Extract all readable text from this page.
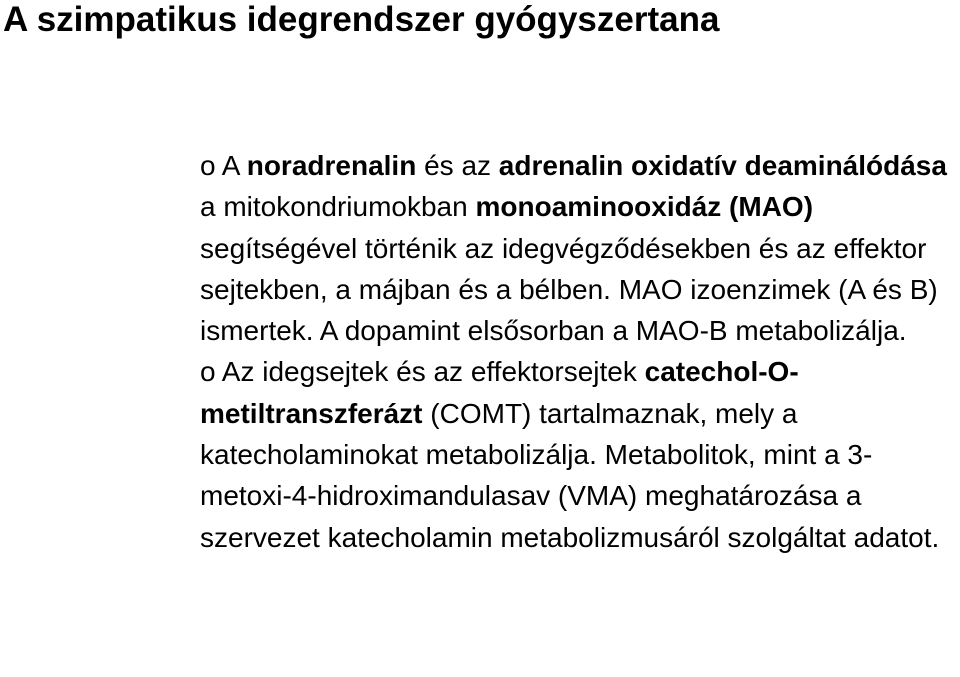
A szimpatikus idegrendszer gyógyszertana

o A noradrenalin és az adrenalin oxidatív deaminálódása a mitokondriumokban monoaminooxidáz (MAO) segítségével történik az idegvégződésekben és az effektor sejtekben, a májban és a bélben. MAO izoenzimek (A és B) ismertek. A dopamint elsősorban a MAO-B metabolizálja.

o Az idegsejtek és az effektorsejtek catechol-O-metiltranszferázt (COMT) tartalmaznak, mely a katecholaminokat metabolizálja. Metabolitok, mint a 3-metoxi-4-hidroximandulasav (VMA) meghatározása a szervezet katecholamin metabolizmusáról szolgáltat adatot.
